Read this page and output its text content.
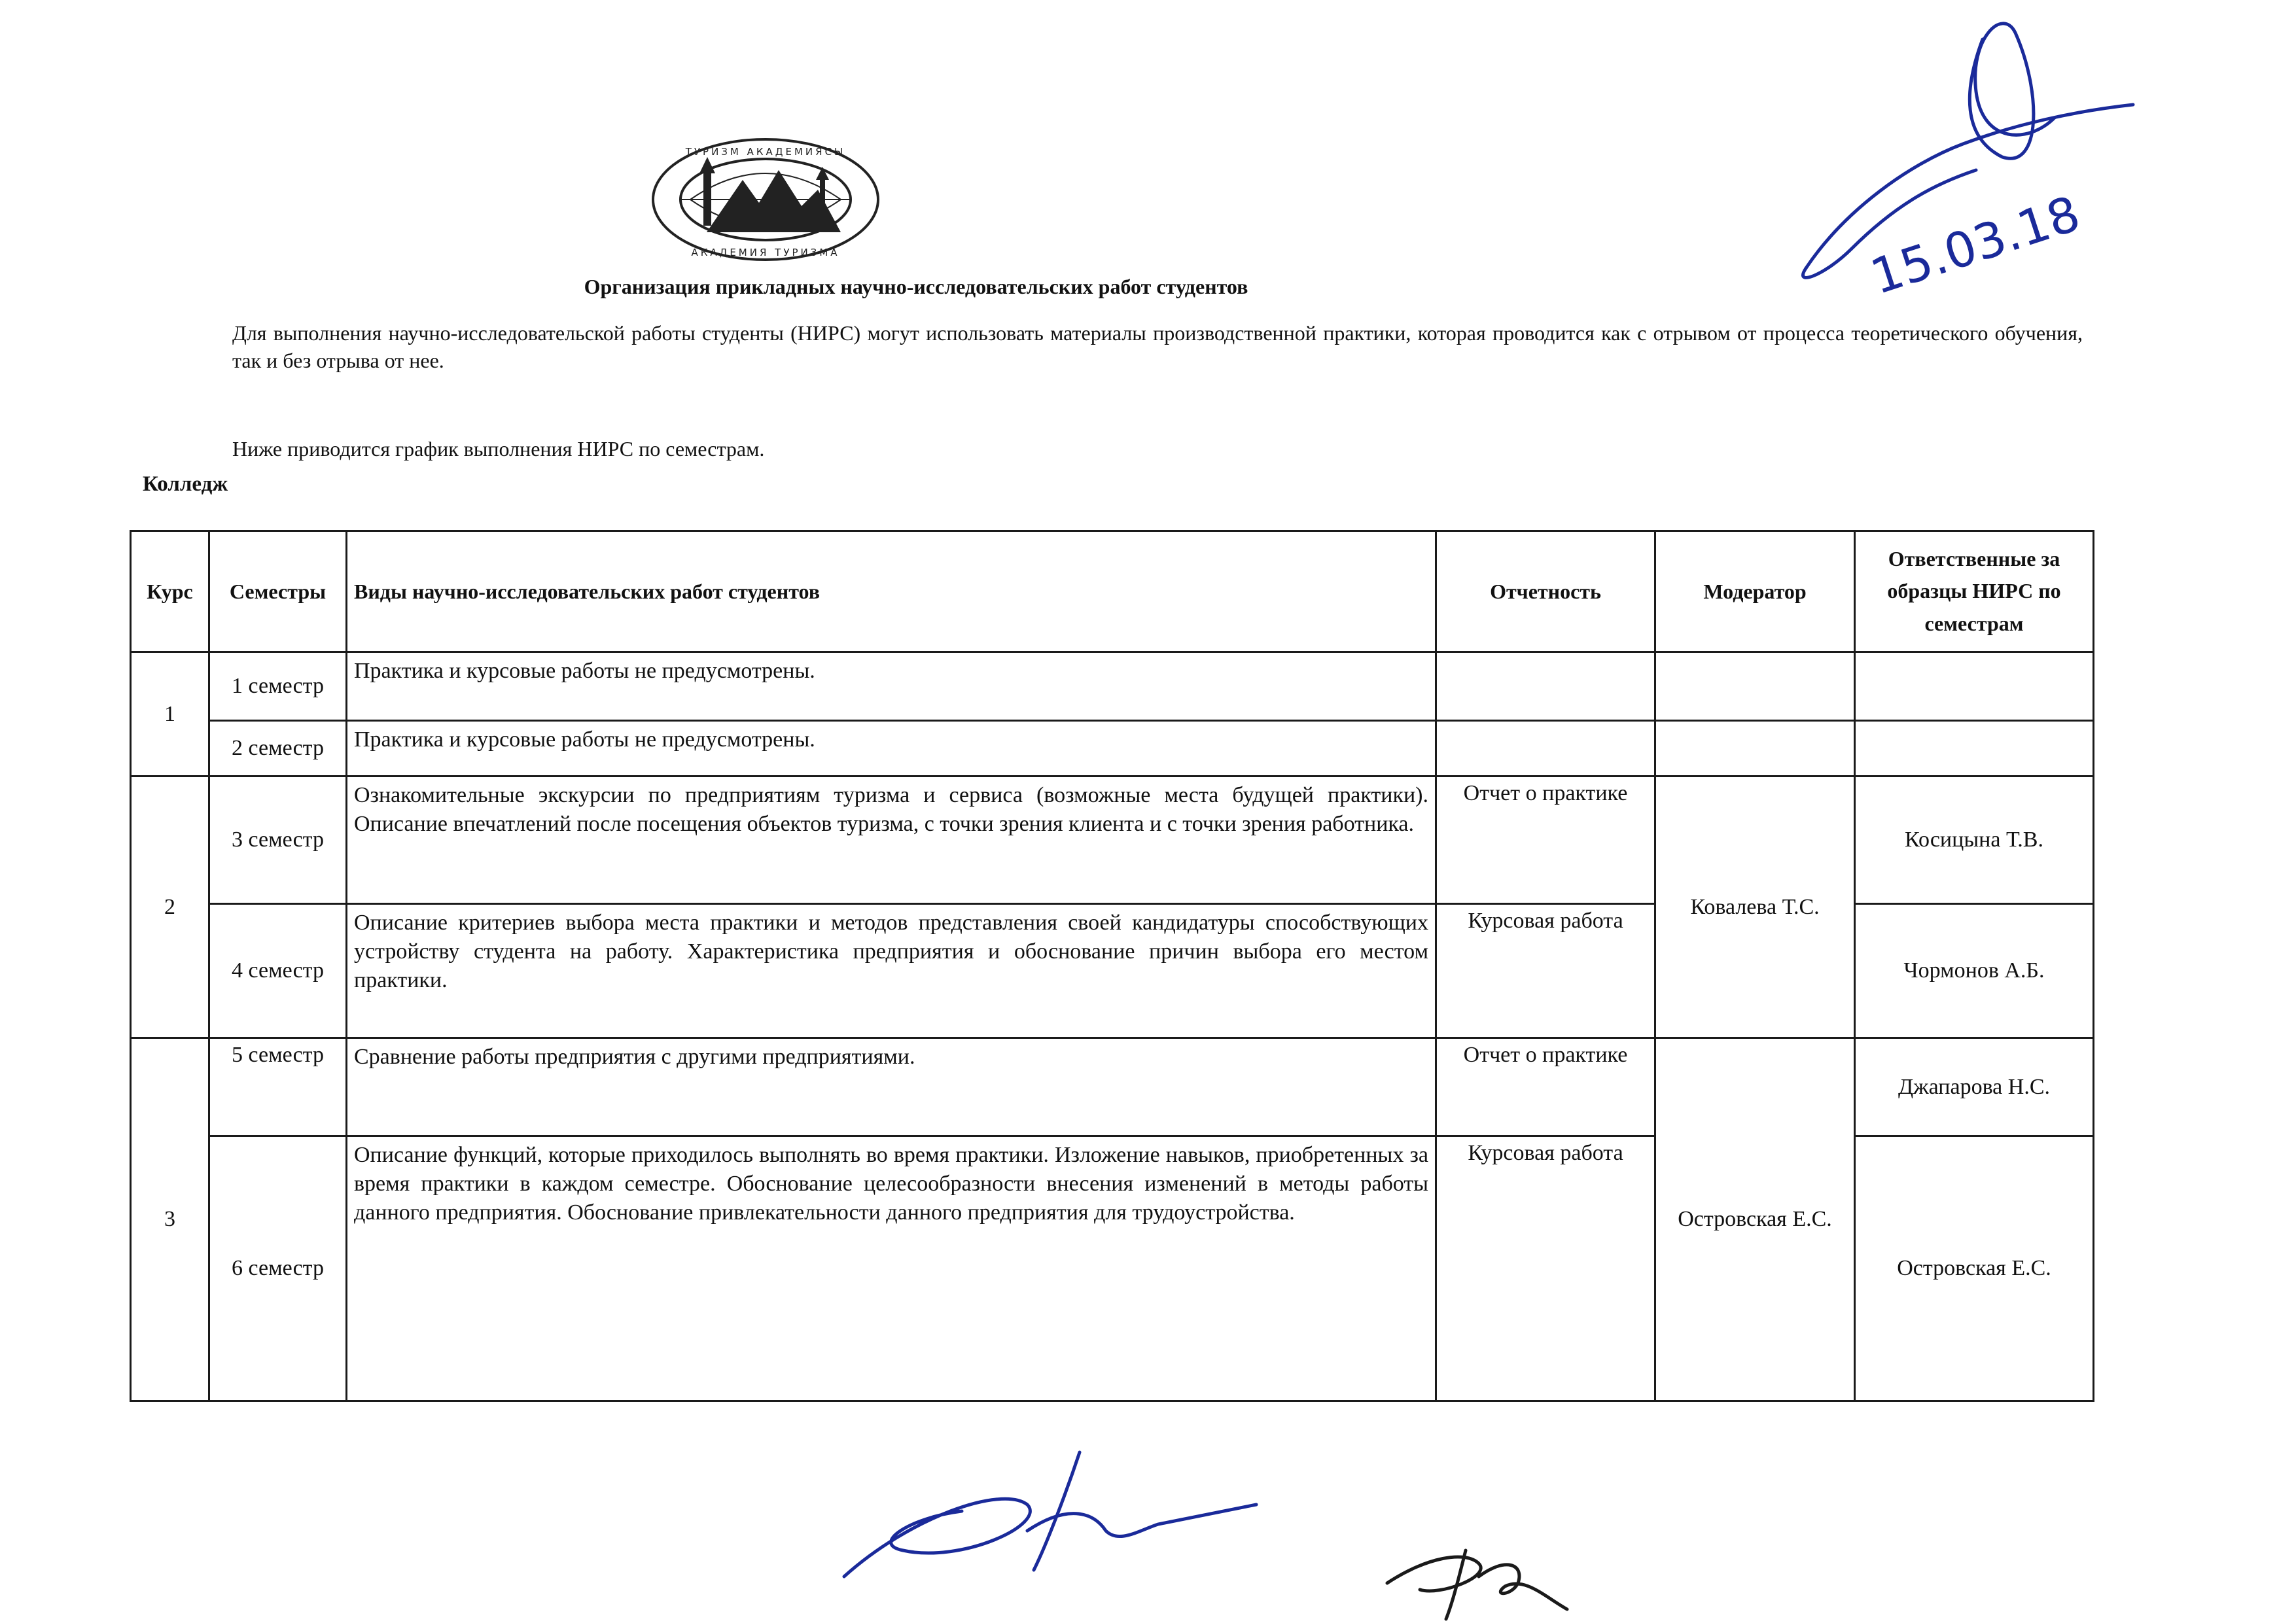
ТУРИЗМ АКАДЕМИЯСЫ
АКАДЕМИЯ ТУРИЗМА
Организация прикладных научно-исследовательских работ студентов
Для выполнения научно-исследовательской работы студенты (НИРС) могут использовать материалы производственной практики, которая проводится как с отрывом от процесса теоретического обучения, так и без отрыва от нее.
Ниже приводится график выполнения НИРС по семестрам.
Колледж
Курс	Семестры	Виды научно-исследовательских работ студентов	Отчетность	Модератор	Ответственные за образцы НИРС по семестрам
1	1 семестр	Практика и курсовые работы не предусмотрены.			
	2 семестр	Практика и курсовые работы не предусмотрены.			
2	3 семестр	Ознакомительные экскурсии по предприятиям туризма и сервиса (возможные места будущей практики). Описание впечатлений после посещения объектов туризма, с точки зрения клиента и с точки зрения работника.	Отчет о практике	Ковалева Т.С.	Косицына Т.В.
	4 семестр	Описание критериев выбора места практики и методов представления своей кандидатуры способствующих устройству студента на работу. Характеристика предприятия и обоснование причин выбора его местом практики.	Курсовая работа		Чормонов А.Б.
3	5 семестр	Сравнение работы предприятия с другими предприятиями.	Отчет о практике	Островская Е.С.	Джапарова Н.С.
	6 семестр	Описание функций, которые приходилось выполнять во время практики. Изложение навыков, приобретенных за время практики в каждом семестре. Обоснование целесообразности внесения изменений в методы работы данного предприятия. Обоснование привлекательности данного предприятия для трудоустройства.	Курсовая работа		Островская Е.С.
15.03.18
